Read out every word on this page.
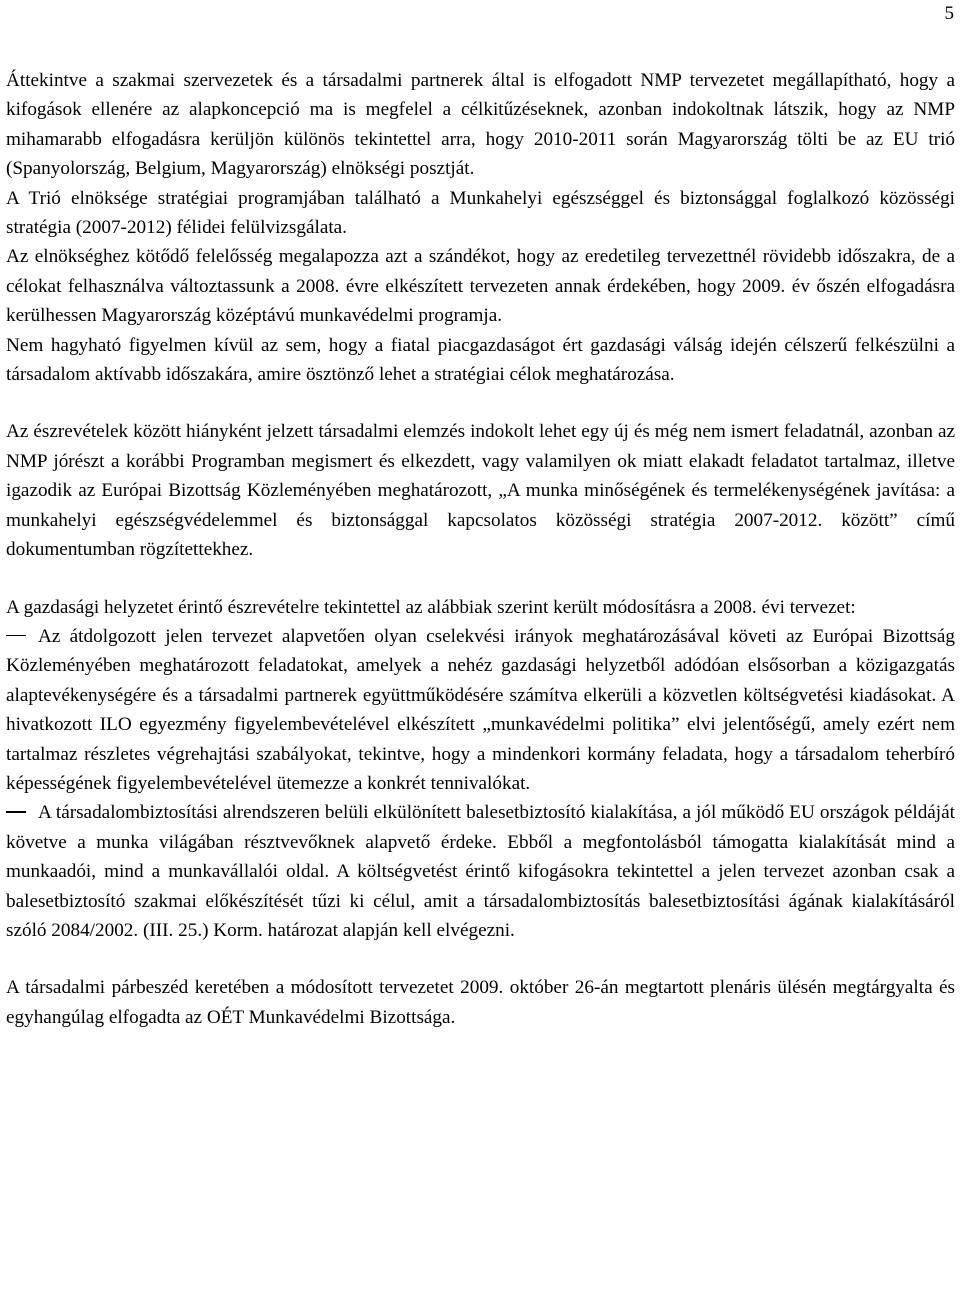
5

Áttekintve a szakmai szervezetek és a társadalmi partnerek által is elfogadott NMP tervezetet megállapítható, hogy a kifogások ellenére az alapkoncepció ma is megfelel a célkitűzéseknek, azonban indokoltnak látszik, hogy az NMP mihamarabb elfogadásra kerüljön különös tekintettel arra, hogy 2010-2011 során Magyarország tölti be az EU trió (Spanyolország, Belgium, Magyarország) elnökségi posztját.

A Trió elnöksége stratégiai programjában található a Munkahelyi egészséggel és biztonsággal foglalkozó közösségi stratégia (2007-2012) félidei felülvizsgálata.

Az elnökséghez kötődő felelősség megalapozza azt a szándékot, hogy az eredetileg tervezettnél rövidebb időszakra, de a célokat felhasználva változtassunk a 2008. évre elkészített tervezeten annak érdekében, hogy 2009. év őszén elfogadásra kerülhessen Magyarország középtávú munkavédelmi programja.

Nem hagyható figyelmen kívül az sem, hogy a fiatal piacgazdaságot ért gazdasági válság idején célszerű felkészülni a társadalom aktívabb időszakára, amire ösztönző lehet a stratégiai célok meghatározása.

Az észrevételek között hiányként jelzett társadalmi elemzés indokolt lehet egy új és még nem ismert feladatnál, azonban az NMP jórészt a korábbi Programban megismert és elkezdett, vagy valamilyen ok miatt elakadt feladatot tartalmaz, illetve igazodik az Európai Bizottság Közleményében meghatározott, „A munka minőségének és termelékenységének javítása: a munkahelyi egészségvédelemmel és biztonsággal kapcsolatos közösségi stratégia 2007-2012. között” című dokumentumban rögzítettekhez.

A gazdasági helyzetet érintő észrevételre tekintettel az alábbiak szerint került módosításra a 2008. évi tervezet:

Az átdolgozott jelen tervezet alapvetően olyan cselekvési irányok meghatározásával követi az Európai Bizottság Közleményében meghatározott feladatokat, amelyek a nehéz gazdasági helyzetből adódóan elsősorban a közigazgatás alaptevékenységére és a társadalmi partnerek együttműködésére számítva elkerüli a közvetlen költségvetési kiadásokat. A hivatkozott ILO egyezmény figyelembevételével elkészített „munkavédelmi politika” elvi jelentőségű, amely ezért nem tartalmaz részletes végrehajtási szabályokat, tekintve, hogy a mindenkori kormány feladata, hogy a társadalom teherbíró képességének figyelembevételével ütemezze a konkrét tennivalókat.

A társadalombiztosítási alrendszeren belüli elkülönített balesetbiztosító kialakítása, a jól működő EU országok példáját követve a munka világában résztvevőknek alapvető érdeke. Ebből a megfontolásból támogatta kialakítását mind a munkaadói, mind a munkavállalói oldal. A költségvetést érintő kifogásokra tekintettel a jelen tervezet azonban csak a balesetbiztosító szakmai előkészítését tűzi ki célul, amit a társadalombiztosítás balesetbiztosítási ágának kialakításáról szóló 2084/2002. (III. 25.) Korm. határozat alapján kell elvégezni.

A társadalmi párbeszéd keretében a módosított tervezetet 2009. október 26-án megtartott plenáris ülésén megtárgyalta és egyhangúlag elfogadta az OÉT Munkavédelmi Bizottsága.
